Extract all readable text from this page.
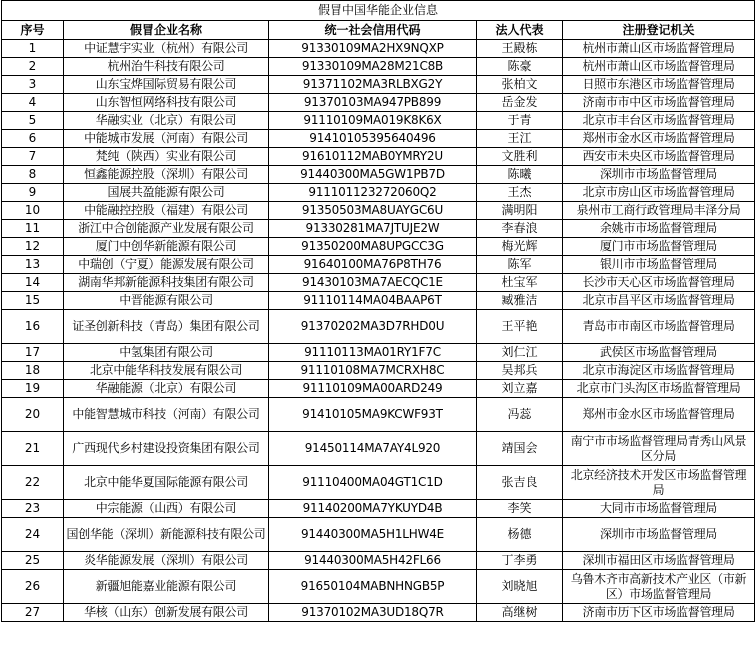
假冒中国华能企业信息
序号	假冒企业名称	统一社会信用代码	法人代表	注册登记机关
1	中证慧宇实业（杭州）有限公司	91330109MA2HX9NQXP	王殿栋	杭州市萧山区市场监督管理局
2	杭州治牛科技有限公司	91330109MA28M21C8B	陈豪	杭州市萧山区市场监督管理局
3	山东宝烨国际贸易有限公司	91371102MA3RLBXG2Y	张柏文	日照市东港区市场监督管理局
4	山东智恒网络科技有限公司	91370103MA947PB899	岳金发	济南市市中区市场监督管理局
5	华融实业（北京）有限公司	91110109MA019K8K6X	于青	北京市丰台区市场监督管理局
6	中能城市发展（河南）有限公司	91410105395640496	王江	郑州市金水区市场监督管理局
7	梵纯（陕西）实业有限公司	91610112MAB0YMRY2U	文胜利	西安市未央区市场监督管理局
8	恒鑫能源控股（深圳）有限公司	91440300MA5GW1PB7D	陈曦	深圳市市场监督管理局
9	国展共盈能源有限公司	911101123272060Q2	王杰	北京市房山区市场监督管理局
10	中能融控控股（福建）有限公司	91350503MA8UAYGC6U	满明阳	泉州市工商行政管理局丰泽分局
11	浙江中合创能源产业发展有限公司	91330281MA7JTUJE2W	李春浪	余姚市市场监督管理局
12	厦门中创华新能源有限公司	91350200MA8UPGCC3G	梅光辉	厦门市市场监督管理局
13	中瑞创（宁夏）能源发展有限公司	91640100MA76P8TH76	陈军	银川市市场监督管理局
14	湖南华邦新能源科技集团有限公司	91430103MA7AECQC1E	杜宝军	长沙市天心区市场监督管理局
15	中晋能源有限公司	91110114MA04BAAP6T	臧雅洁	北京市昌平区市场监督管理局
16	证圣创新科技（青岛）集团有限公司	91370202MA3D7RHD0U	王平艳	青岛市市南区市场监督管理局
17	中氢集团有限公司	91110113MA01RY1F7C	刘仁江	武侯区市场监督管理局
18	北京中能华科技发展有限公司	91110108MA7MCRXH8C	吴邦兵	北京市海淀区市场监督管理局
19	华融能源（北京）有限公司	91110109MA00ARD249	刘立嘉	北京市门头沟区市场监督管理局
20	中能智慧城市科技（河南）有限公司	91410105MA9KCWF93T	冯蕊	郑州市金水区市场监督管理局
21	广西现代乡村建设投资集团有限公司	91450114MA7AY4L920	靖国会	南宁市市场监督管理局青秀山风景区分局
22	北京中能华夏国际能源有限公司	91110400MA04GT1C1D	张吉良	北京经济技术开发区市场监督管理局
23	中宗能源（山西）有限公司	91140200MA7YKUYD4B	李笑	大同市市场监督管理局
24	国创华能（深圳）新能源科技有限公司	91440300MA5H1LHW4E	杨德	深圳市市场监督管理局
25	炎华能源发展（深圳）有限公司	91440300MA5H42FL66	丁李勇	深圳市福田区市场监督管理局
26	新疆旭能嘉业能源有限公司	91650104MABNHNGB5P	刘晓旭	乌鲁木齐市高新技术产业区（市新区）市场监督管理局
27	华核（山东）创新发展有限公司	91370102MA3UD18Q7R	高继树	济南市历下区市场监督管理局
